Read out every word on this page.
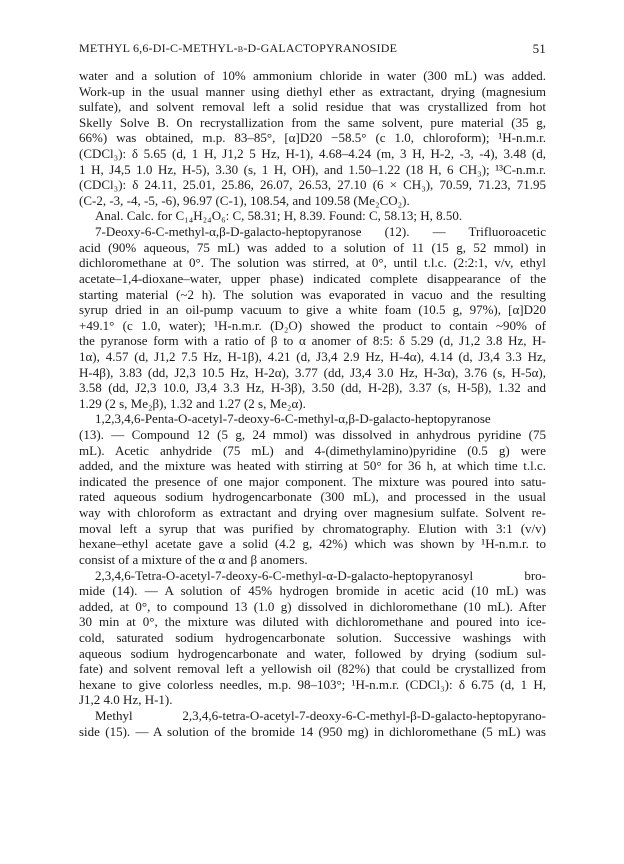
METHYL 6,6-DI-C-METHYL-β-D-GALACTOPYRANOSIDE	51
water and a solution of 10% ammonium chloride in water (300 mL) was added.
Work-up in the usual manner using diethyl ether as extractant, drying (magnesium
sulfate), and solvent removal left a solid residue that was crystallized from hot
Skelly Solve B. On recrystallization from the same solvent, pure material (35 g,
66%) was obtained, m.p. 83–85°, [α]D20 −58.5° (c 1.0, chloroform); ¹H-n.m.r.
(CDCl₃): δ 5.65 (d, 1 H, J1,2 5 Hz, H-1), 4.68–4.24 (m, 3 H, H-2, -3, -4), 3.48 (d,
1 H, J4,5 1.0 Hz, H-5), 3.30 (s, 1 H, OH), and 1.50–1.22 (18 H, 6 CH₃); ¹³C-n.m.r.
(CDCl₃): δ 24.11, 25.01, 25.86, 26.07, 26.53, 27.10 (6 × CH₃), 70.59, 71.23, 71.95
(C-2, -3, -4, -5, -6), 96.97 (C-1), 108.54, and 109.58 (Me₂CO₂).
Anal. Calc. for C₁₄H₂₄O₆: C, 58.31; H, 8.39. Found: C, 58.13; H, 8.50.
7-Deoxy-6-C-methyl-α,β-D-galacto-heptopyranose (12). — Trifluoroacetic
acid (90% aqueous, 75 mL) was added to a solution of 11 (15 g, 52 mmol) in
dichloromethane at 0°. The solution was stirred, at 0°, until t.l.c. (2:2:1, v/v, ethyl
acetate–1,4-dioxane–water, upper phase) indicated complete disappearance of the
starting material (~2 h). The solution was evaporated in vacuo and the resulting
syrup dried in an oil-pump vacuum to give a white foam (10.5 g, 97%), [α]D20
+49.1° (c 1.0, water); ¹H-n.m.r. (D₂O) showed the product to contain ~90% of
the pyranose form with a ratio of β to α anomer of 8:5: δ 5.29 (d, J1,2 3.8 Hz, H-
1α), 4.57 (d, J1,2 7.5 Hz, H-1β), 4.21 (d, J3,4 2.9 Hz, H-4α), 4.14 (d, J3,4 3.3 Hz,
H-4β), 3.83 (dd, J2,3 10.5 Hz, H-2α), 3.77 (dd, J3,4 3.0 Hz, H-3α), 3.76 (s, H-5α),
3.58 (dd, J2,3 10.0, J3,4 3.3 Hz, H-3β), 3.50 (dd, H-2β), 3.37 (s, H-5β), 1.32 and
1.29 (2 s, Me₂β), 1.32 and 1.27 (2 s, Me₂α).
1,2,3,4,6-Penta-O-acetyl-7-deoxy-6-C-methyl-α,β-D-galacto-heptopyranose
(13). — Compound 12 (5 g, 24 mmol) was dissolved in anhydrous pyridine (75
mL). Acetic anhydride (75 mL) and 4-(dimethylamino)pyridine (0.5 g) were
added, and the mixture was heated with stirring at 50° for 36 h, at which time t.l.c.
indicated the presence of one major component. The mixture was poured into satu-
rated aqueous sodium hydrogencarbonate (300 mL), and processed in the usual
way with chloroform as extractant and drying over magnesium sulfate. Solvent re-
moval left a syrup that was purified by chromatography. Elution with 3:1 (v/v)
hexane–ethyl acetate gave a solid (4.2 g, 42%) which was shown by ¹H-n.m.r. to
consist of a mixture of the α and β anomers.
2,3,4,6-Tetra-O-acetyl-7-deoxy-6-C-methyl-α-D-galacto-heptopyranosyl bro-
mide (14). — A solution of 45% hydrogen bromide in acetic acid (10 mL) was
added, at 0°, to compound 13 (1.0 g) dissolved in dichloromethane (10 mL). After
30 min at 0°, the mixture was diluted with dichloromethane and poured into ice-
cold, saturated sodium hydrogencarbonate solution. Successive washings with
aqueous sodium hydrogencarbonate and water, followed by drying (sodium sul-
fate) and solvent removal left a yellowish oil (82%) that could be crystallized from
hexane to give colorless needles, m.p. 98–103°; ¹H-n.m.r. (CDCl₃): δ 6.75 (d, 1 H,
J1,2 4.0 Hz, H-1).
Methyl 2,3,4,6-tetra-O-acetyl-7-deoxy-6-C-methyl-β-D-galacto-heptopyrano-
side (15). — A solution of the bromide 14 (950 mg) in dichloromethane (5 mL) was
